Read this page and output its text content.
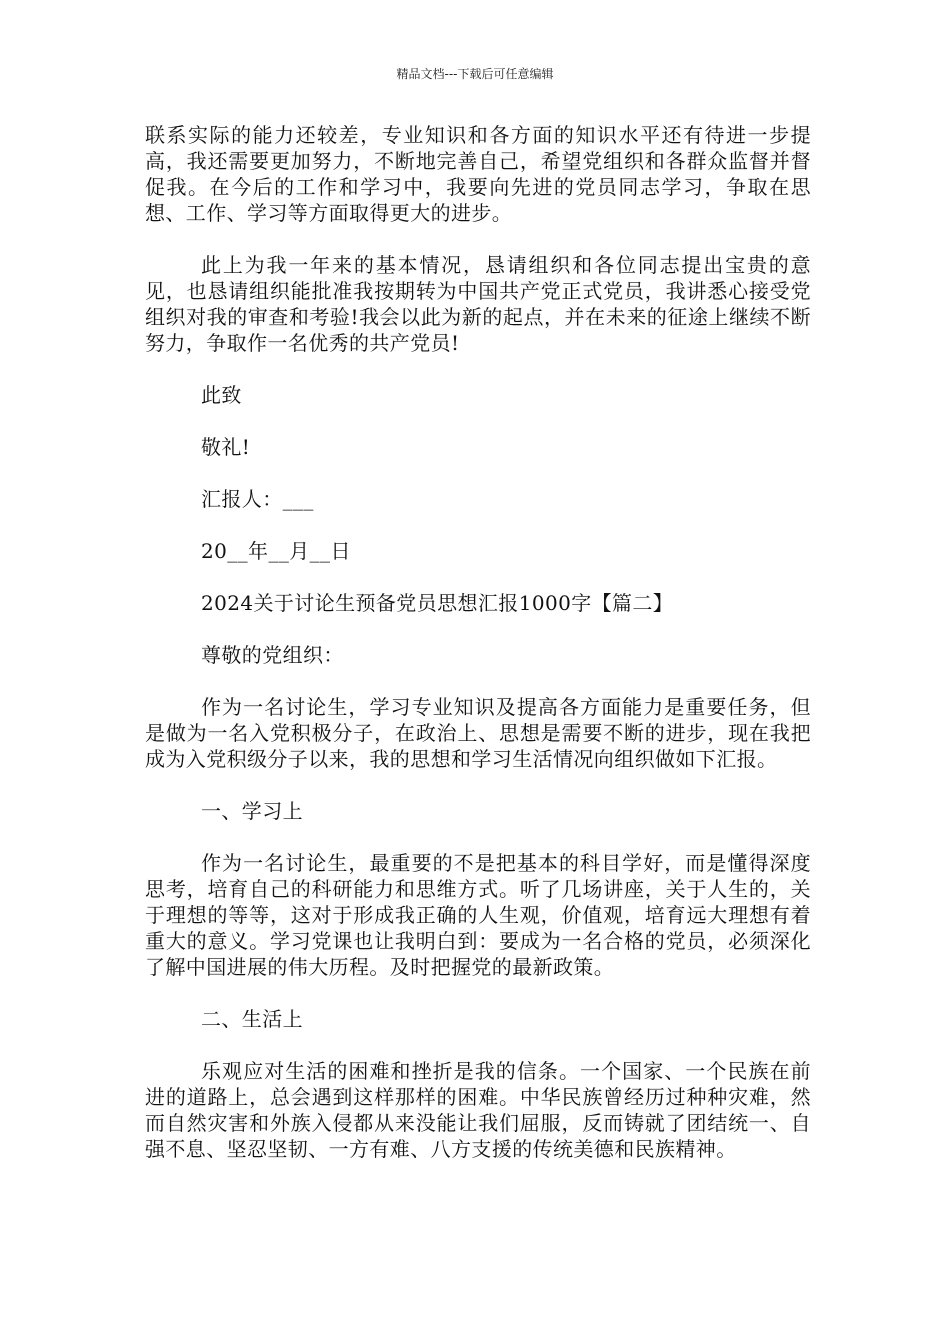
精品文档---下载后可任意编辑

联系实际的能力还较差，专业知识和各方面的知识水平还有待进一步提高，我还需要更加努力，不断地完善自己，希望党组织和各群众监督并督促我。在今后的工作和学习中，我要向先进的党员同志学习，争取在思想、工作、学习等方面取得更大的进步。

此上为我一年来的基本情况，恳请组织和各位同志提出宝贵的意见，也恳请组织能批准我按期转为中国共产党正式党员，我讲悉心接受党组织对我的审查和考验!我会以此为新的起点，并在未来的征途上继续不断努力，争取作一名优秀的共产党员!

此致

敬礼!

汇报人：___

20__年__月__日

2024关于讨论生预备党员思想汇报1000字【篇二】

尊敬的党组织：

作为一名讨论生，学习专业知识及提高各方面能力是重要任务，但是做为一名入党积极分子，在政治上、思想是需要不断的进步，现在我把成为入党积级分子以来，我的思想和学习生活情况向组织做如下汇报。

一、学习上

作为一名讨论生，最重要的不是把基本的科目学好，而是懂得深度思考，培育自己的科研能力和思维方式。听了几场讲座，关于人生的，关于理想的等等，这对于形成我正确的人生观，价值观，培育远大理想有着重大的意义。学习党课也让我明白到：要成为一名合格的党员，必须深化了解中国进展的伟大历程。及时把握党的最新政策。

二、生活上

乐观应对生活的困难和挫折是我的信条。一个国家、一个民族在前进的道路上，总会遇到这样那样的困难。中华民族曾经历过种种灾难，然而自然灾害和外族入侵都从来没能让我们屈服，反而铸就了团结统一、自强不息、坚忍坚韧、一方有难、八方支援的传统美德和民族精神。
